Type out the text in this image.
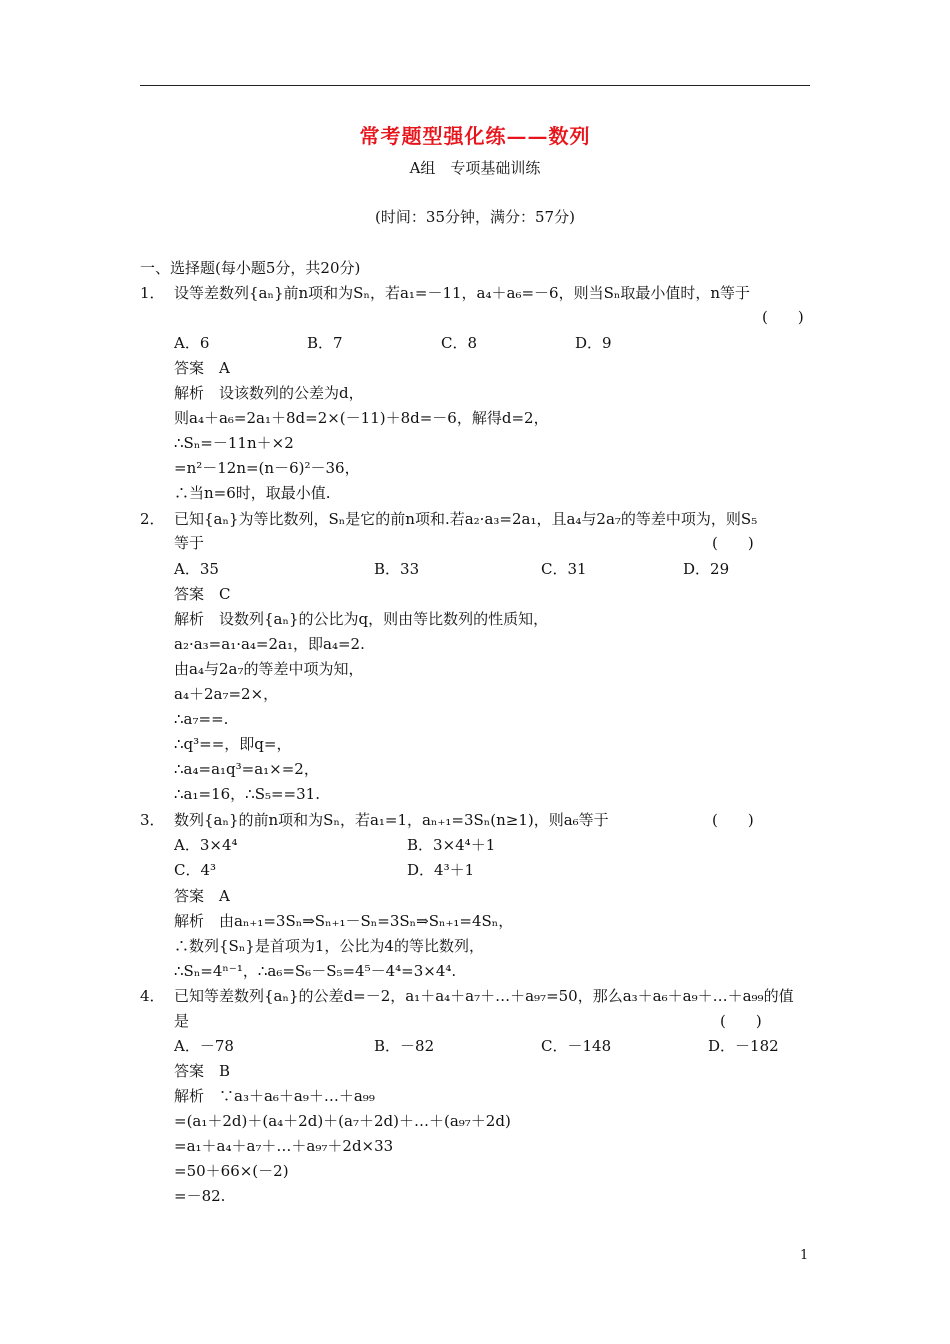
常考题型强化练——数列
A组　专项基础训练
(时间：35分钟，满分：57分)
一、选择题(每小题5分，共20分)
1． 设等差数列{aₙ}前n项和为Sₙ，若a₁=－11，a₄＋a₆=－6，则当Sₙ取最小值时，n等于
(　　)
A．6	B．7	C．8	D．9
答案　A
解析　设该数列的公差为d，
则a₄＋a₆=2a₁＋8d=2×(－11)＋8d=－6，解得d=2，
∴Sₙ=－11n＋×2
=n²－12n=(n－6)²－36，
∴当n=6时，取最小值.
2． 已知{aₙ}为等比数列，Sₙ是它的前n项和.若a₂·a₃=2a₁，且a₄与2a₇的等差中项为，则S₅
等于	(　　)
A．35	B．33	C．31	D．29
答案　C
解析　设数列{aₙ}的公比为q，则由等比数列的性质知，
a₂·a₃=a₁·a₄=2a₁，即a₄=2.
由a₄与2a₇的等差中项为知，
a₄＋2a₇=2×，
∴a₇==.
∴q³==，即q=，
∴a₄=a₁q³=a₁×=2，
∴a₁=16，∴S₅==31.
3． 数列{aₙ}的前n项和为Sₙ，若a₁=1，aₙ₊₁=3Sₙ(n≥1)，则a₆等于	(　　)
A．3×4⁴	B．3×4⁴＋1
C．4³	D．4³＋1
答案　A
解析　由aₙ₊₁=3Sₙ⇒Sₙ₊₁－Sₙ=3Sₙ⇒Sₙ₊₁=4Sₙ，
∴数列{Sₙ}是首项为1，公比为4的等比数列，
∴Sₙ=4ⁿ⁻¹，∴a₆=S₆－S₅=4⁵－4⁴=3×4⁴.
4． 已知等差数列{aₙ}的公差d=－2，a₁＋a₄＋a₇＋…＋a₉₇=50，那么a₃＋a₆＋a₉＋…＋a₉₉的值
是	(　　)
A．－78	B．－82	C．－148	D．－182
答案　B
解析　∵a₃＋a₆＋a₉＋…＋a₉₉
=(a₁＋2d)＋(a₄＋2d)＋(a₇＋2d)＋…＋(a₉₇＋2d)
=a₁＋a₄＋a₇＋…＋a₉₇＋2d×33
=50＋66×(－2)
=－82.
1
